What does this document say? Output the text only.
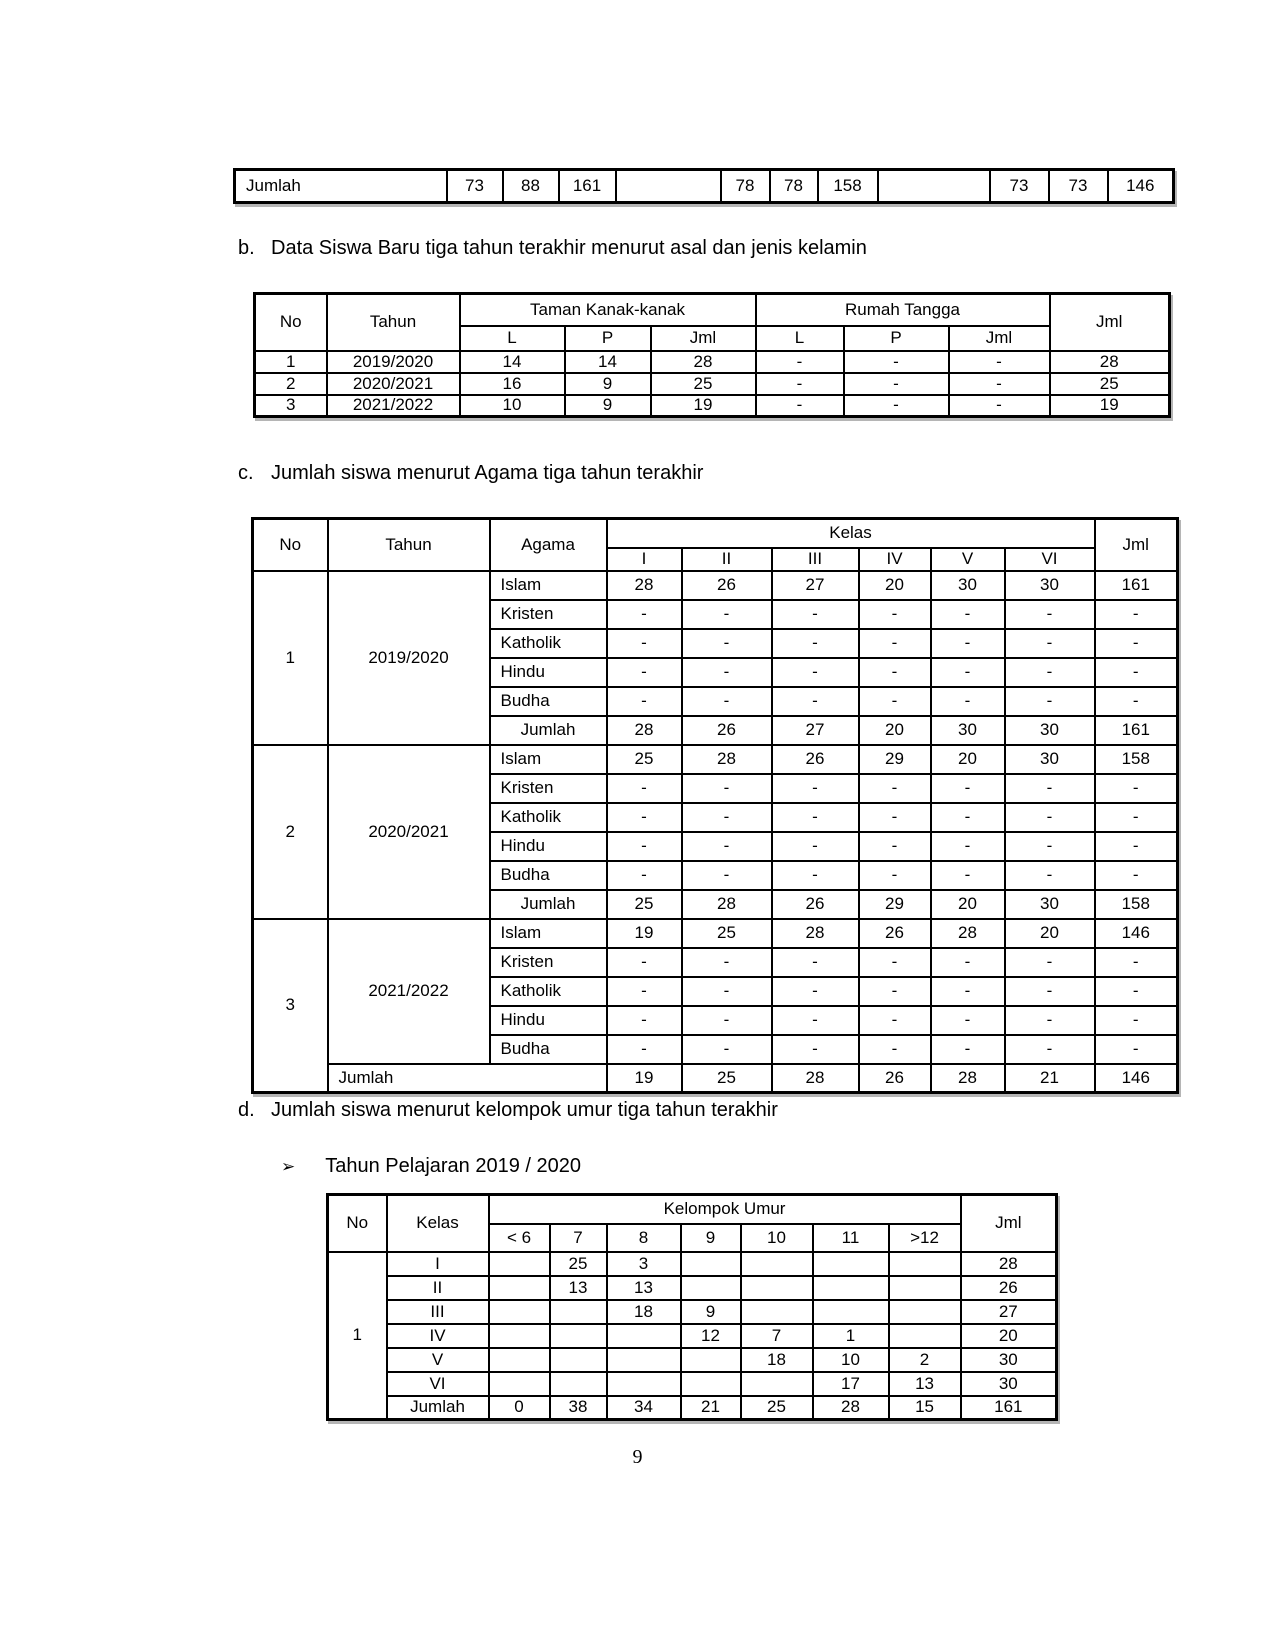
Jumlah	73	88	161		78	78	158		73	73	146
b. Data Siswa Baru tiga tahun terakhir menurut asal dan jenis kelamin
No	Tahun	Taman Kanak-kanak			Rumah Tangga			Jml
		L	P	Jml	L	P	Jml	
1	2019/2020	14	14	28	-	-	-	28
2	2020/2021	16	9	25	-	-	-	25
3	2021/2022	10	9	19	-	-	-	19
c. Jumlah siswa menurut Agama tiga tahun terakhir
No	Tahun	Agama	Kelas						Jml
			I	II	III	IV	V	VI	
1	2019/2020	Islam	28	26	27	20	30	30	161
		Kristen	-	-	-	-	-	-	-
		Katholik	-	-	-	-	-	-	-
		Hindu	-	-	-	-	-	-	-
		Budha	-	-	-	-	-	-	-
		Jumlah	28	26	27	20	30	30	161
2	2020/2021	Islam	25	28	26	29	20	30	158
		Kristen	-	-	-	-	-	-	-
		Katholik	-	-	-	-	-	-	-
		Hindu	-	-	-	-	-	-	-
		Budha	-	-	-	-	-	-	-
		Jumlah	25	28	26	29	20	30	158
3	2021/2022	Islam	19	25	28	26	28	20	146
		Kristen	-	-	-	-	-	-	-
		Katholik	-	-	-	-	-	-	-
		Hindu	-	-	-	-	-	-	-
		Budha	-	-	-	-	-	-	-
	Jumlah		19	25	28	26	28	21	146
d. Jumlah siswa menurut kelompok umur tiga tahun terakhir
➢ Tahun Pelajaran 2019 / 2020
No	Kelas	Kelompok Umur							Jml
		< 6	7	8	9	10	11	>12	
1	I		25	3					28
	II		13	13					26
	III			18	9				27
	IV				12	7	1		20
	V					18	10	2	30
	VI						17	13	30
	Jumlah	0	38	34	21	25	28	15	161
9
